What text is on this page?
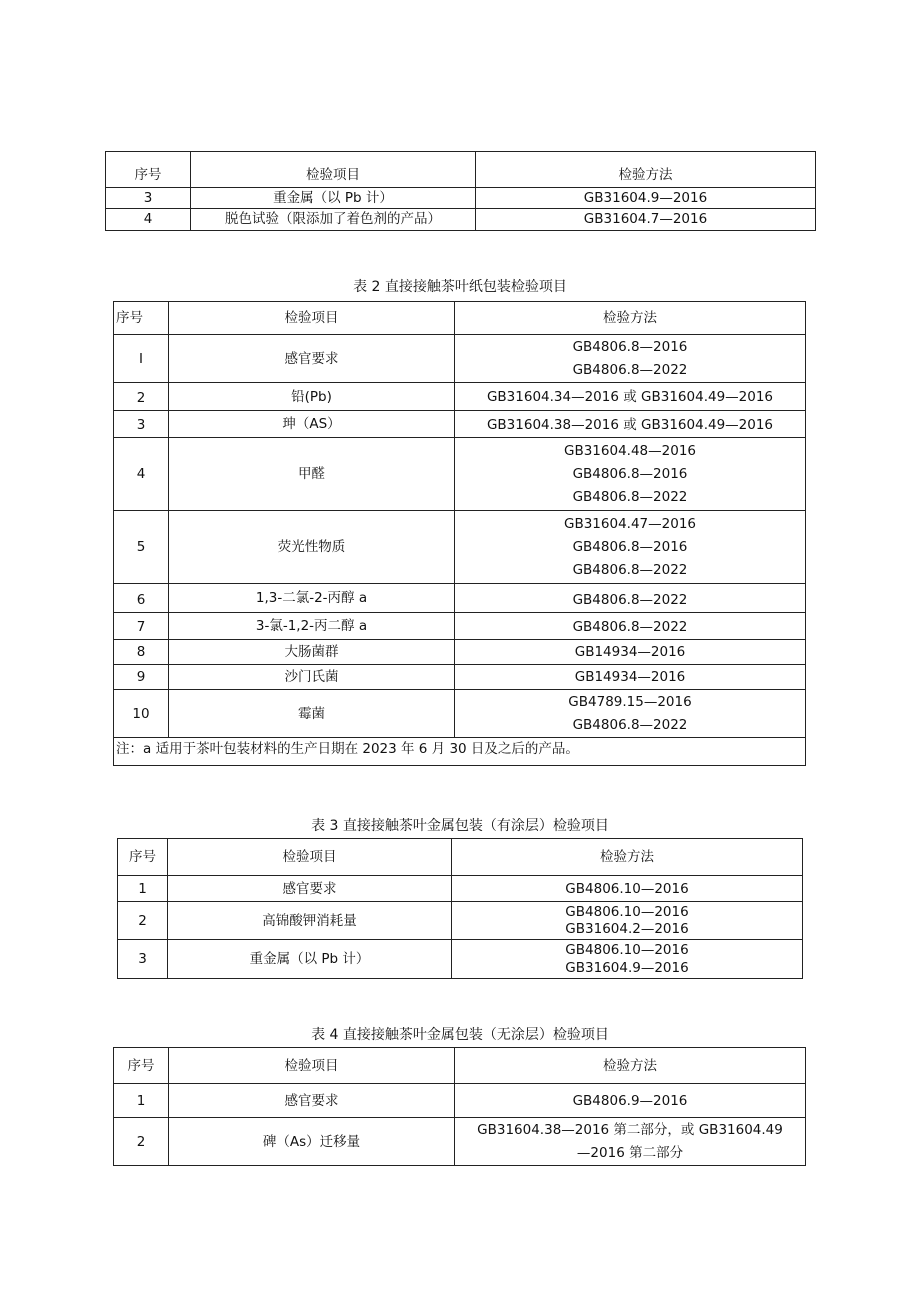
序号	检验项目	检验方法
3	重金属（以 Pb 计）	GB31604.9—2016
4	脱色试验（限添加了着色剂的产品）	GB31604.7—2016
表 2 直接接触茶叶纸包装检验项目
序号	检验项目	检验方法
I	感官要求	GB4806.8—2016
GB4806.8—2022

2	铅(Pb)	GB31604.34—2016 或 GB31604.49—2016
3	珅（AS）	GB31604.38—2016 或 GB31604.49—2016
4	甲醛	GB31604.48—2016
GB4806.8—2016
GB4806.8—2022

5	荧光性物质	GB31604.47—2016
GB4806.8—2016
GB4806.8—2022

6	1,3-二氯-2-丙醇 a	GB4806.8—2022
7	3-氯-1,2-丙二醇 a	GB4806.8—2022
8	大肠菌群	GB14934—2016
9	沙门氏菌	GB14934—2016
10	霉菌	GB4789.15—2016
GB4806.8—2022

注：a 适用于茶叶包装材料的生产日期在 2023 年 6 月 30 日及之后的产品。		
表 3 直接接触茶叶金属包装（有涂层）检验项目
序号	检验项目	检验方法
1	感官要求	GB4806.10—2016
2	高锦酸钾消耗量	GB4806.10—2016
GB31604.2—2016

3	重金属（以 Pb 计）	GB4806.10—2016
GB31604.9—2016
表 4 直接接触茶叶金属包装（无涂层）检验项目
序号	检验项目	检验方法
1	感官要求	GB4806.9—2016
2	碑（As）迁移量	GB31604.38—2016 第二部分，或 GB31604.49
—2016 第二部分
